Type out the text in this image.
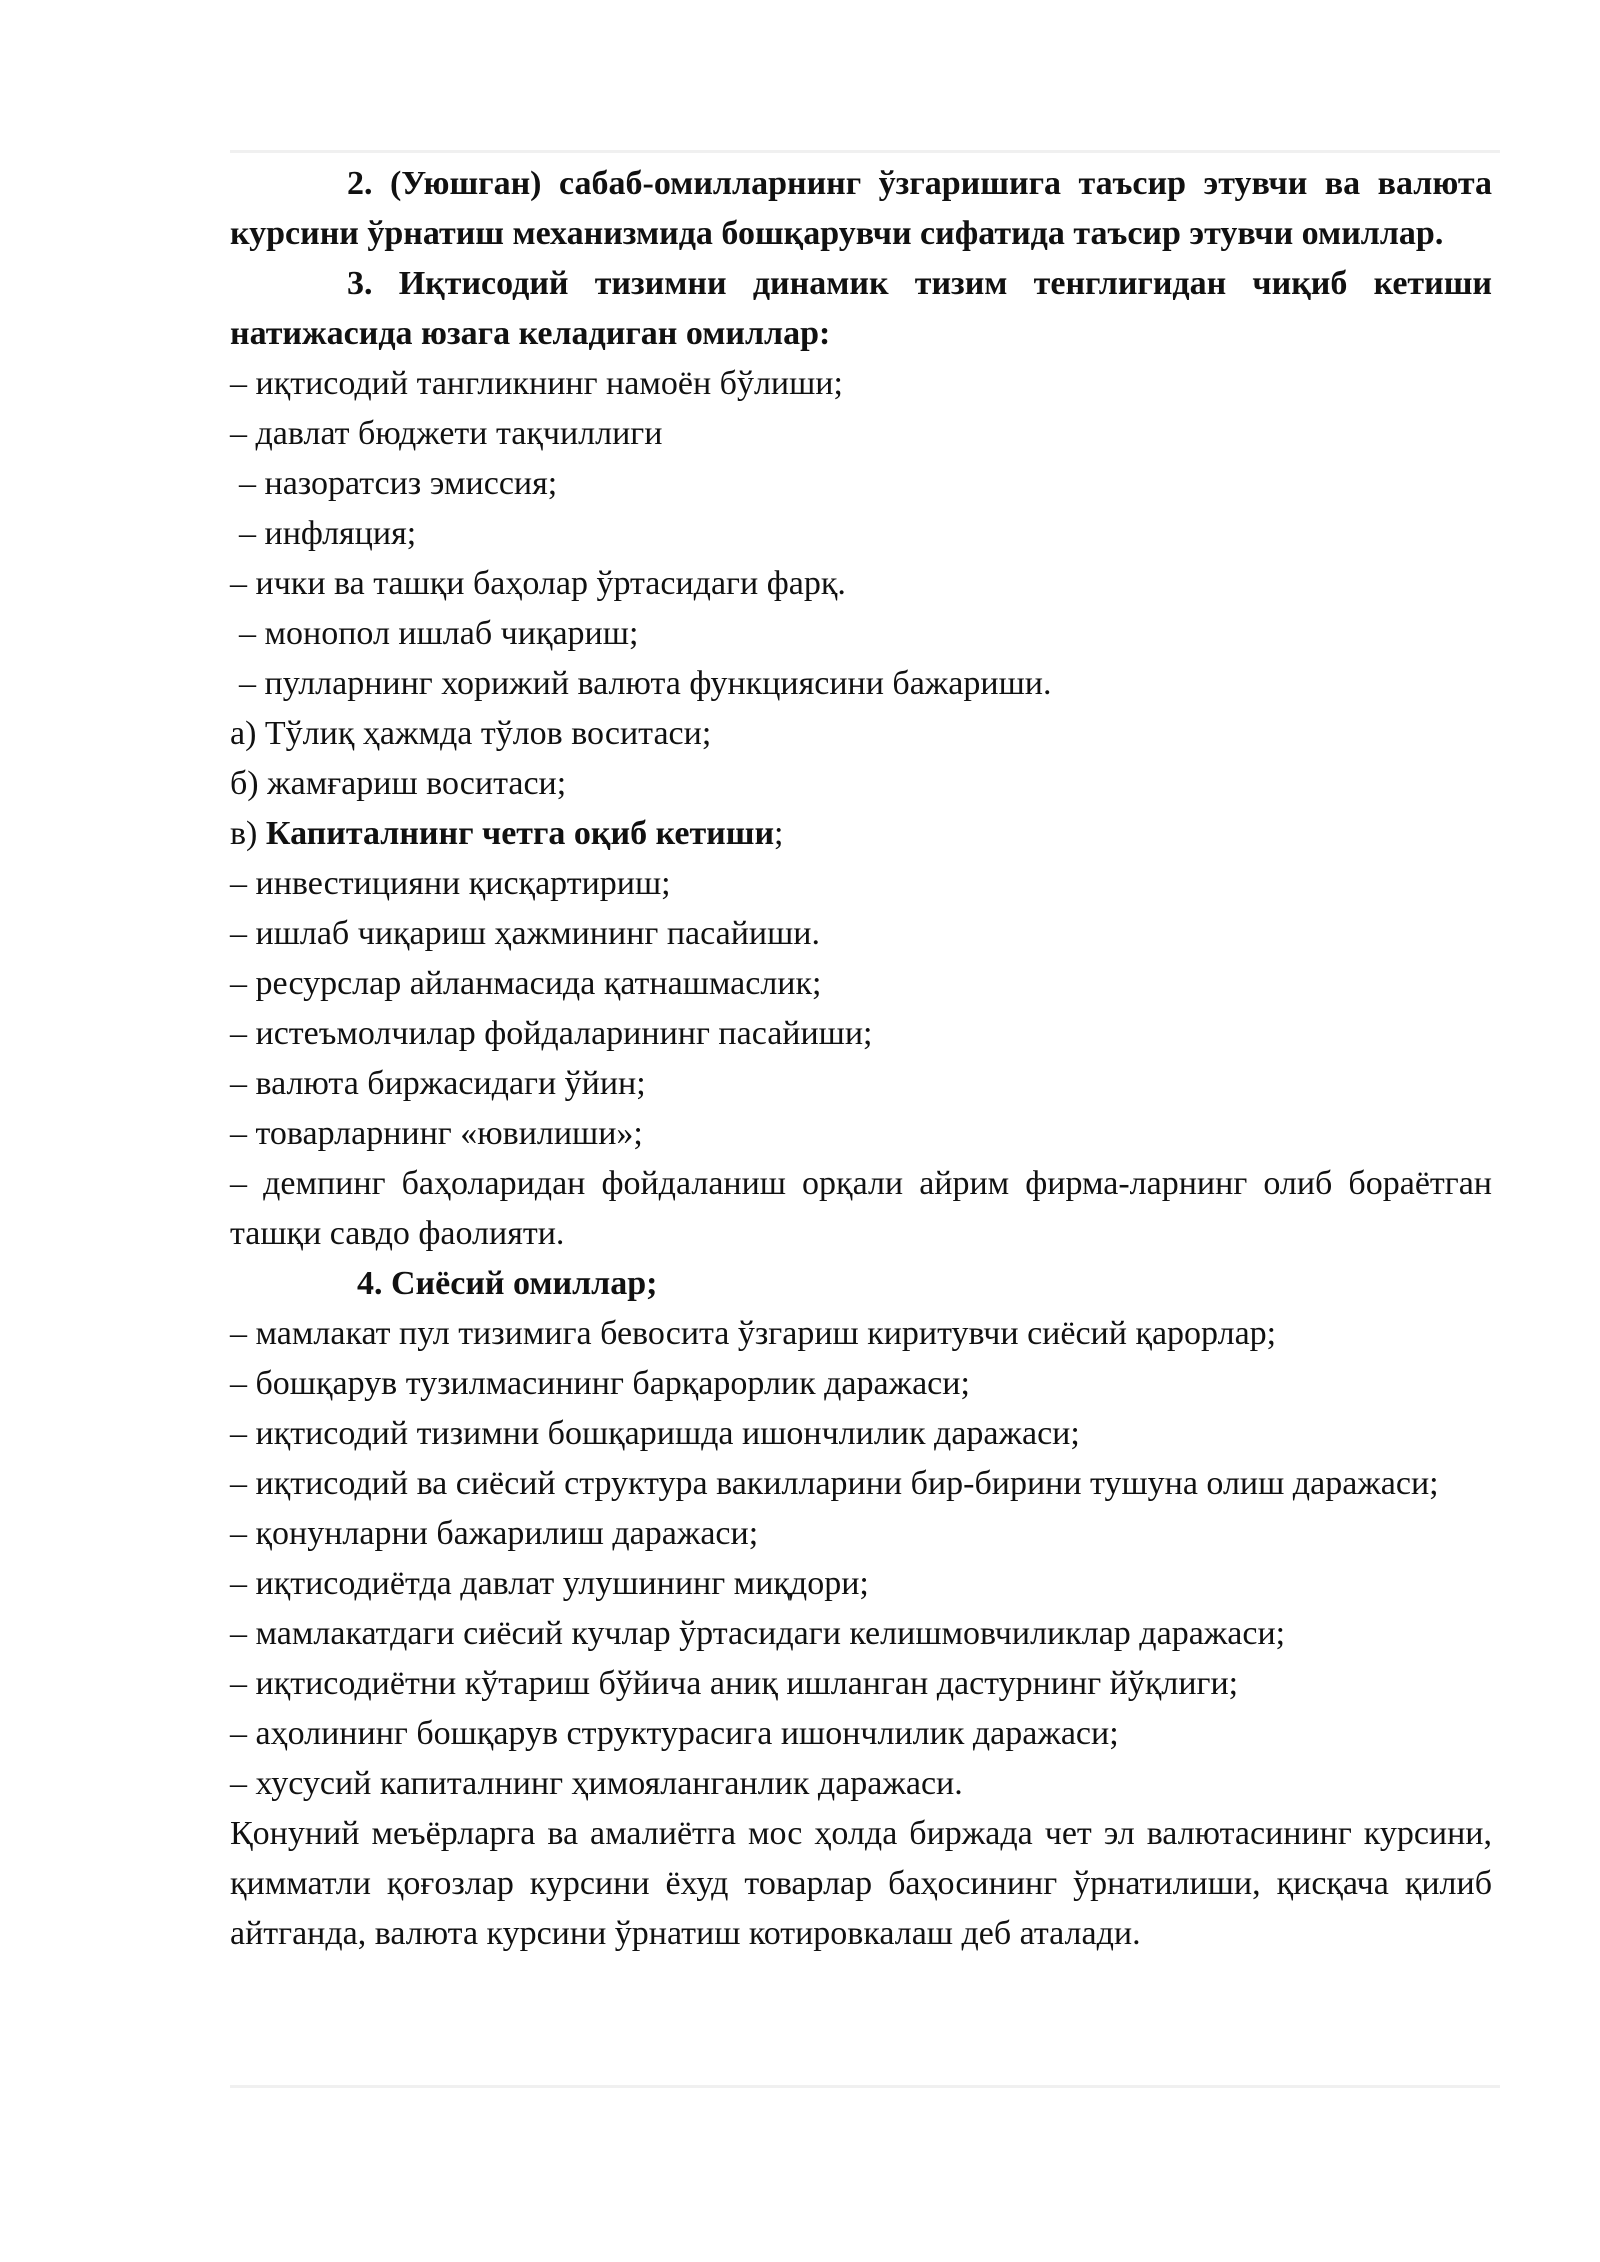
2. (Уюшган) сабаб-омилларнинг ўзгаришига таъсир этувчи ва валюта курсини ўрнатиш механизмида бошқарувчи сифатида таъсир этувчи омиллар.
3. Иқтисодий тизимни динамик тизим тенглигидан чиқиб кетиши натижасида юзага келадиган омиллар:
– иқтисодий тангликнинг намоён бўлиши;
– давлат бюджети тақчиллиги
– назоратсиз эмиссия;
– инфляция;
– ички ва ташқи баҳолар ўртасидаги фарқ.
– монопол ишлаб чиқариш;
– пулларнинг хорижий валюта функциясини бажариши.
а) Тўлиқ ҳажмда тўлов воситаси;
б) жамғариш воситаси;
в) Капиталнинг четга оқиб кетиши;
– инвестицияни қисқартириш;
– ишлаб чиқариш ҳажмининг пасайиши.
– ресурслар айланмасида қатнашмаслик;
– истеъмолчилар фойдаларининг пасайиши;
– валюта биржасидаги ўйин;
– товарларнинг «ювилиши»;
– демпинг баҳоларидан фойдаланиш орқали айрим фирма-ларнинг олиб бораётган ташқи савдо фаолияти.
4. Сиёсий омиллар;
– мамлакат пул тизимига бевосита ўзгариш киритувчи сиёсий қарорлар;
– бошқарув тузилмасининг барқарорлик даражаси;
– иқтисодий тизимни бошқаришда ишончлилик даражаси;
– иқтисодий ва сиёсий структура вакилларини бир-бирини тушуна олиш даражаси;
– қонунларни бажарилиш даражаси;
– иқтисодиётда давлат улушининг миқдори;
– мамлакатдаги сиёсий кучлар ўртасидаги келишмовчиликлар даражаси;
– иқтисодиётни кўтариш бўйича аниқ ишланган дастурнинг йўқлиги;
– аҳолининг бошқарув структурасига ишончлилик даражаси;
– хусусий капиталнинг ҳимояланганлик даражаси.
Қонуний меъёрларга ва амалиётга мос ҳолда биржада чет эл валютасининг курсини, қимматли қоғозлар курсини ёхуд товарлар баҳосининг ўрнатилиши, қисқача қилиб айтганда, валюта курсини ўрнатиш котировкалаш деб аталади.
